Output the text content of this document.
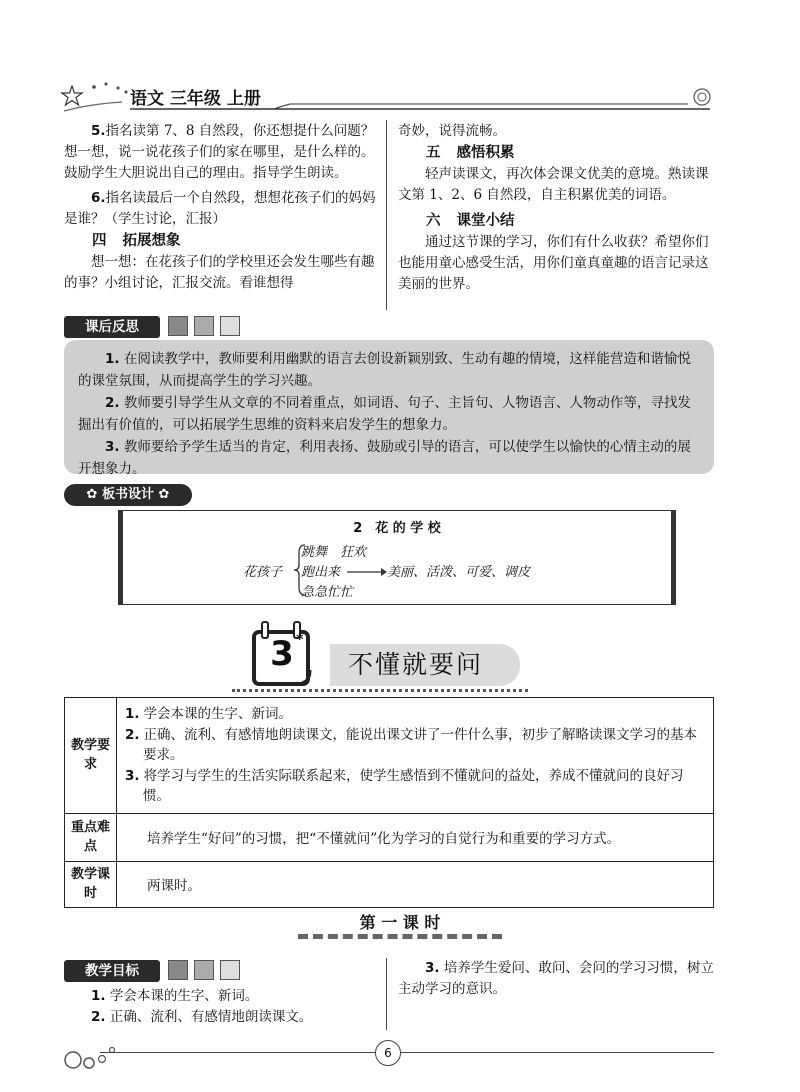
语文 三年级 上册

5.指名读第 7、8 自然段，你还想提什么问题？想一想，说一说花孩子们的家在哪里，是什么样的。鼓励学生大胆说出自己的理由。指导学生朗读。

6.指名读最后一个自然段，想想花孩子们的妈妈是谁？（学生讨论，汇报）

四 拓展想象

想一想：在花孩子们的学校里还会发生哪些有趣的事？小组讨论，汇报交流。看谁想得

奇妙，说得流畅。

五 感悟积累

轻声读课文，再次体会课文优美的意境。熟读课文第 1、2、6 自然段，自主积累优美的词语。

六 课堂小结

通过这节课的学习，你们有什么收获？希望你们也能用童心感受生活，用你们童真童趣的语言记录这美丽的世界。

课后反思

1. 在阅读教学中，教师要利用幽默的语言去创设新颖别致、生动有趣的情境，这样能营造和谐愉悦的课堂氛围，从而提高学生的学习兴趣。

2. 教师要引导学生从文章的不同着重点，如词语、句子、主旨句、人物语言、人物动作等，寻找发掘出有价值的，可以拓展学生思维的资料来启发学生的想象力。

3. 教师要给予学生适当的肯定，利用表扬、鼓励或引导的语言，可以使学生以愉快的心情主动的展开想象力。

✿ 板书设计 ✿
2　花 的 学 校
花孩子
跳舞　狂欢
跑出来	美丽、活泼、可爱、调皮
急急忙忙
3 *
不懂就要问
教学要求	1. 学会本课的生字、新词。

2. 正确、流利、有感情地朗读课文，能说出课文讲了一件什么事，初步了解略读课文学习的基本要求。

3. 将学习与学生的生活实际联系起来，使学生感悟到不懂就问的益处，养成不懂就问的良好习惯。

重点难点	培养学生“好问”的习惯，把“不懂就问”化为学习的自觉行为和重要的学习方式。
教学课时	两课时。
第 一 课 时
教学目标

1. 学会本课的生字、新词。

2. 正确、流利、有感情地朗读课文。

3. 培养学生爱问、敢问、会问的学习习惯，树立主动学习的意识。

6
